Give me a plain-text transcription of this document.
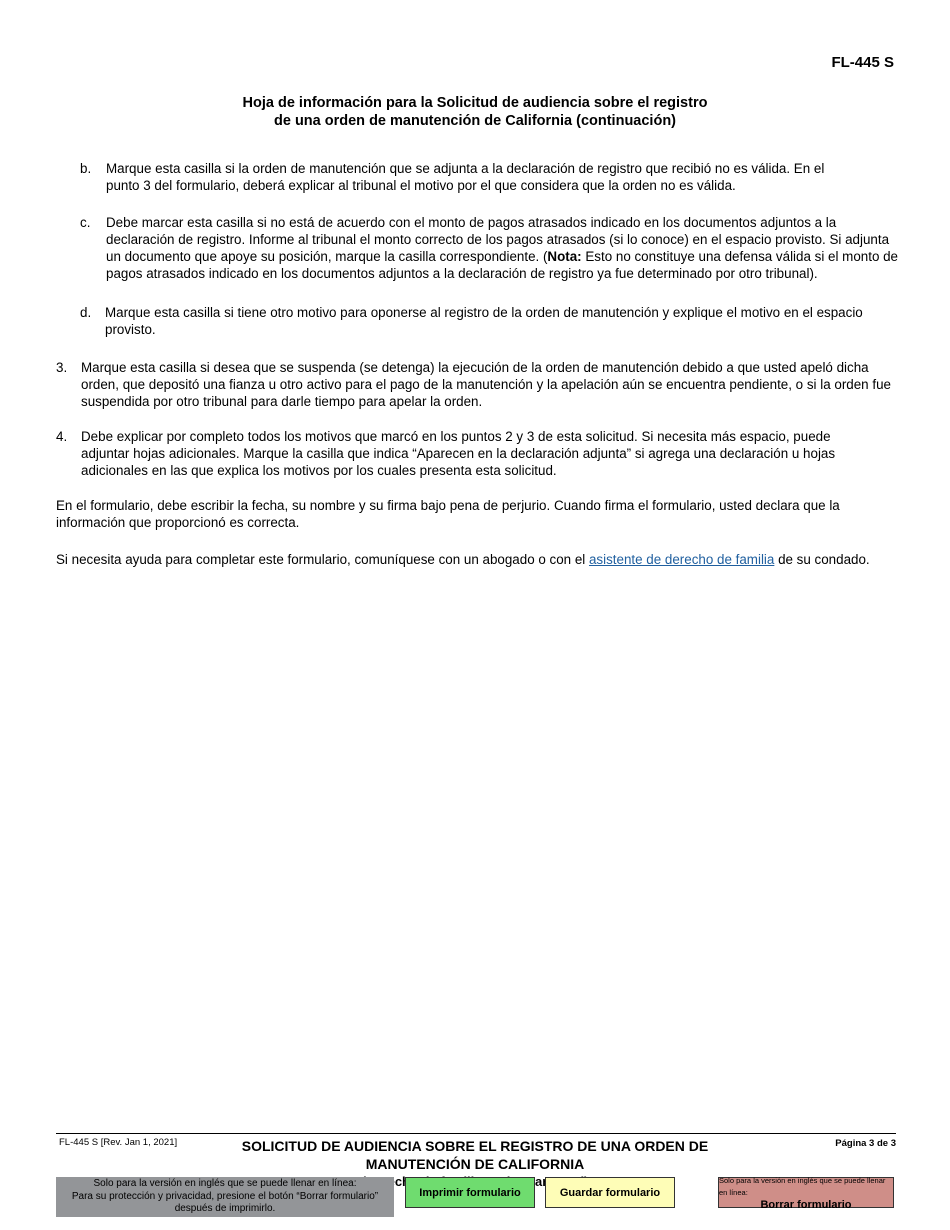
FL-445 S
Hoja de información para la Solicitud de audiencia sobre el registro
de una orden de manutención de California (continuación)
b. Marque esta casilla si la orden de manutención que se adjunta a la declaración de registro que recibió no es válida. En el punto 3 del formulario, deberá explicar al tribunal el motivo por el que considera que la orden no es válida.
c. Debe marcar esta casilla si no está de acuerdo con el monto de pagos atrasados indicado en los documentos adjuntos a la declaración de registro. Informe al tribunal el monto correcto de los pagos atrasados (si lo conoce) en el espacio provisto. Si adjunta un documento que apoye su posición, marque la casilla correspondiente. (Nota: Esto no constituye una defensa válida si el monto de pagos atrasados indicado en los documentos adjuntos a la declaración de registro ya fue determinado por otro tribunal).
d. Marque esta casilla si tiene otro motivo para oponerse al registro de la orden de manutención y explique el motivo en el espacio provisto.
3. Marque esta casilla si desea que se suspenda (se detenga) la ejecución de la orden de manutención debido a que usted apeló dicha orden, que depositó una fianza u otro activo para el pago de la manutención y la apelación aún se encuentra pendiente, o si la orden fue suspendida por otro tribunal para darle tiempo para apelar la orden.
4. Debe explicar por completo todos los motivos que marcó en los puntos 2 y 3 de esta solicitud. Si necesita más espacio, puede adjuntar hojas adicionales. Marque la casilla que indica “Aparecen en la declaración adjunta” si agrega una declaración u hojas adicionales en las que explica los motivos por los cuales presenta esta solicitud.
En el formulario, debe escribir la fecha, su nombre y su firma bajo pena de perjurio. Cuando firma el formulario, usted declara que la información que proporcionó es correcta.
Si necesita ayuda para completar este formulario, comuníquese con un abogado o con el asistente de derecho de familia de su condado.
FL-445 S [Rev. Jan 1, 2021]	SOLICITUD DE AUDIENCIA SOBRE EL REGISTRO DE UNA ORDEN DE
MANUTENCIÓN DE CALIFORNIA
Página 3 de 3
Solo para la versión en inglés que se puede llenar en línea:
Para su protección y privacidad, presione el botón “Borrar formulario”
después de imprimirlo.
Imprimir formulario	Guardar formulario
Solo para la versión en inglés que se puede llenar en línea:
Borrar formulario
